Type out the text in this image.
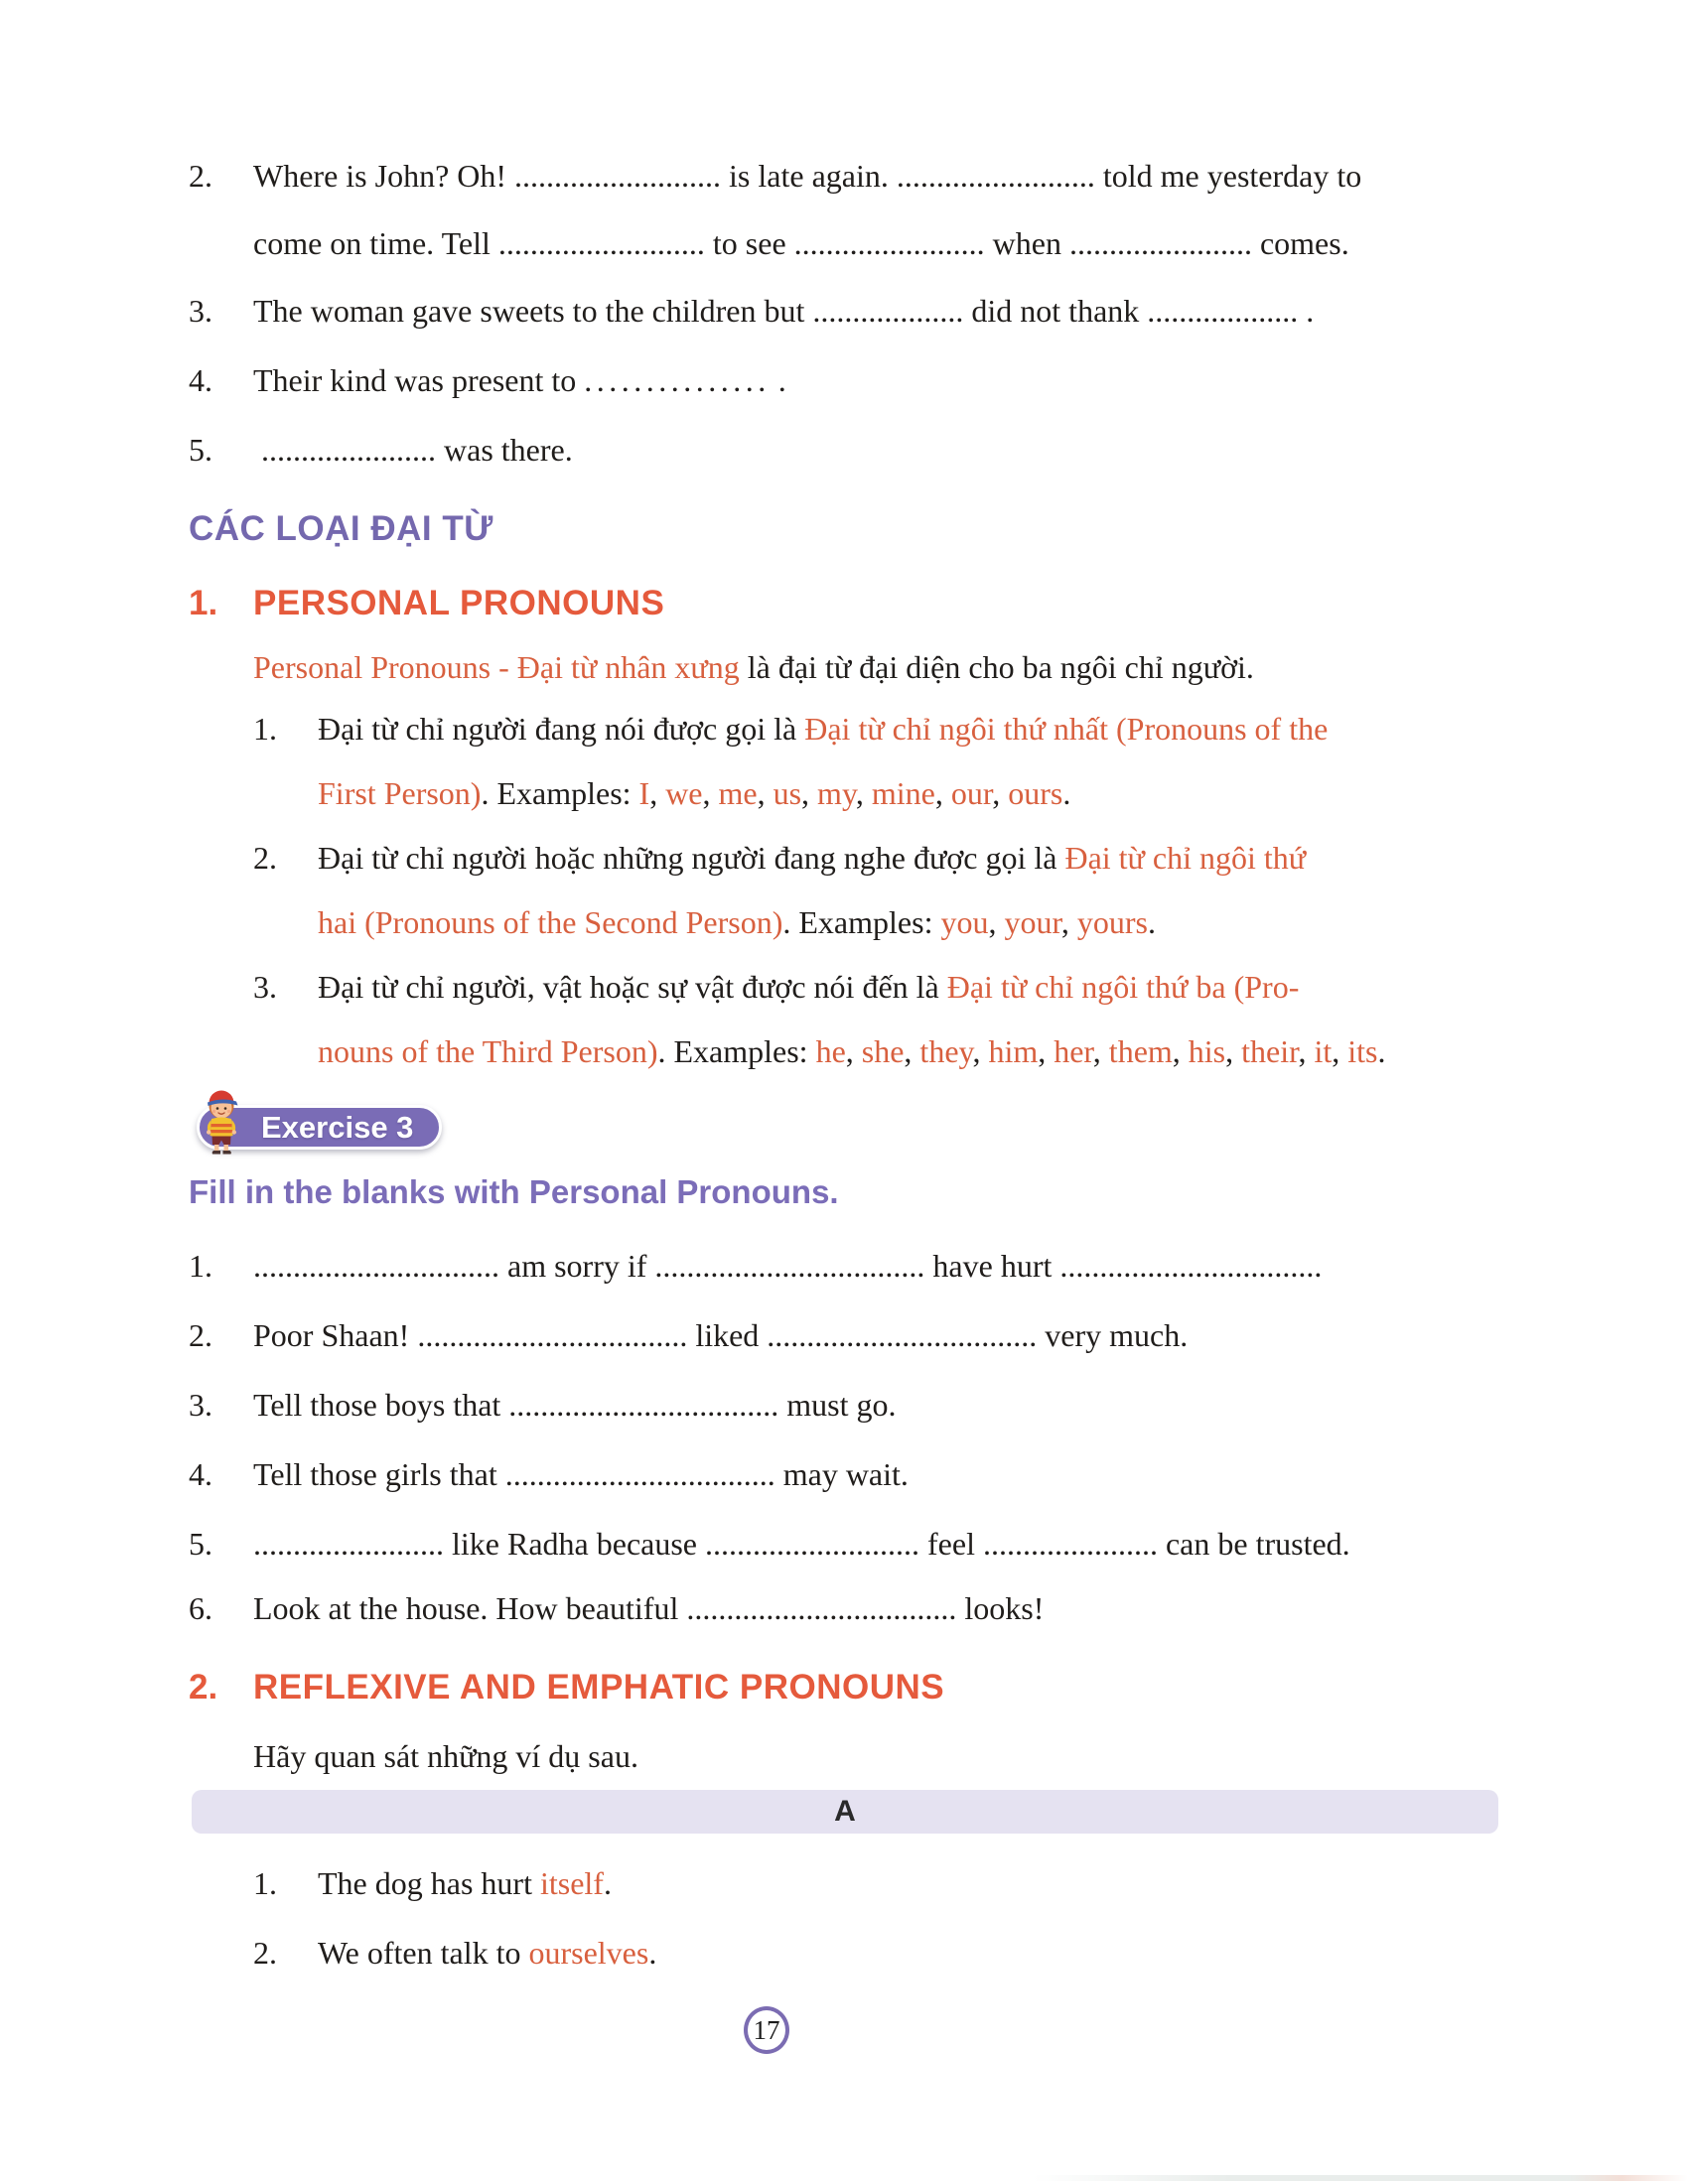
2. Where is John? Oh! .......................... is late again. ......................... told me yesterday to
come on time. Tell .......................... to see ........................ when ....................... comes.
3. The woman gave sweets to the children but ................... did not thank ................... .
4. Their kind was present to ............... .
5. ...................... was there.
CÁC LOẠI ĐẠI TỪ
1. PERSONAL PRONOUNS
Personal Pronouns - Đại từ nhân xưng là đại từ đại diện cho ba ngôi chỉ người.
1. Đại từ chỉ người đang nói được gọi là Đại từ chỉ ngôi thứ nhất (Pronouns of the
First Person). Examples: I, we, me, us, my, mine, our, ours.
2. Đại từ chỉ người hoặc những người đang nghe được gọi là Đại từ chỉ ngôi thứ
hai (Pronouns of the Second Person). Examples: you, your, yours.
3. Đại từ chỉ người, vật hoặc sự vật được nói đến là Đại từ chỉ ngôi thứ ba (Pro-
nouns of the Third Person). Examples: he, she, they, him, her, them, his, their, it, its.
Exercise 3
Fill in the blanks with Personal Pronouns.
1. ............................... am sorry if .................................. have hurt .................................
2. Poor Shaan! .................................. liked .................................. very much.
3. Tell those boys that .................................. must go.
4. Tell those girls that .................................. may wait.
5. ........................ like Radha because ........................... feel ...................... can be trusted.
6. Look at the house. How beautiful .................................. looks!
2. REFLEXIVE AND EMPHATIC PRONOUNS
Hãy quan sát những ví dụ sau.
A
1. The dog has hurt itself.
2. We often talk to ourselves.
17
